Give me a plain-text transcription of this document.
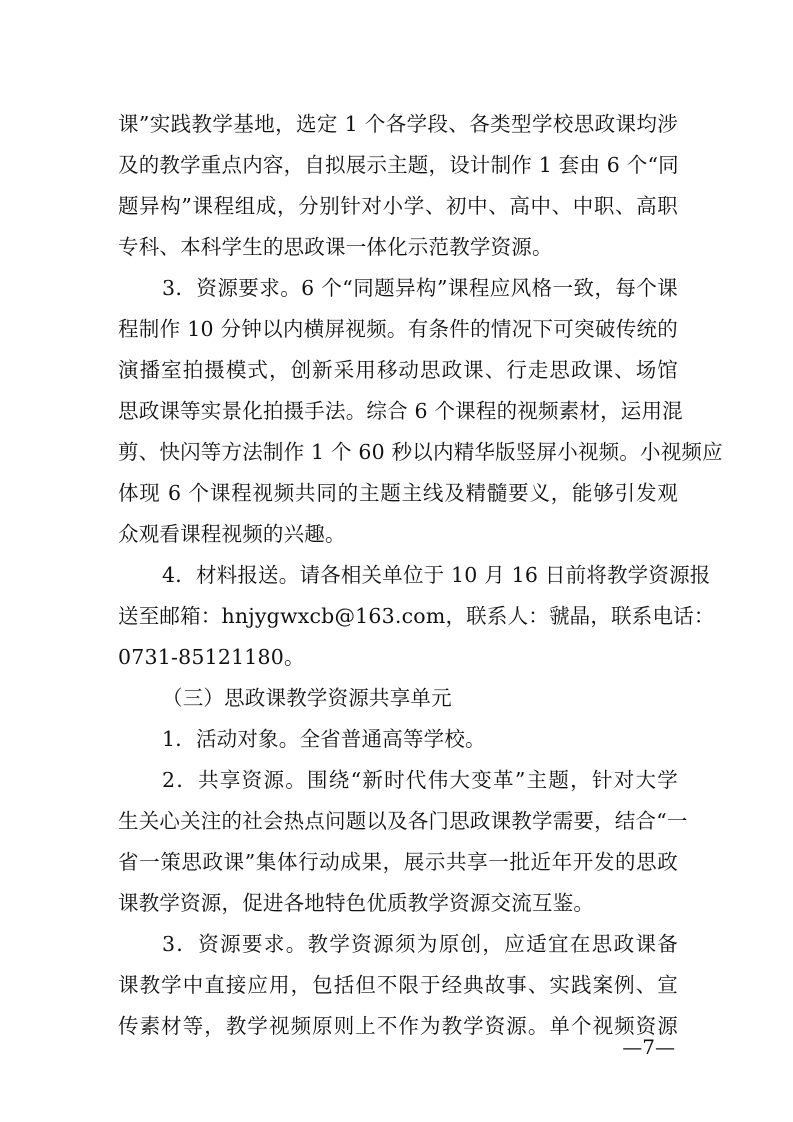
课”实践教学基地，选定 1 个各学段、各类型学校思政课均涉
及的教学重点内容，自拟展示主题，设计制作 1 套由 6 个“同
题异构”课程组成，分别针对小学、初中、高中、中职、高职
专科、本科学生的思政课一体化示范教学资源。
3．资源要求。6 个“同题异构”课程应风格一致，每个课
程制作 10 分钟以内横屏视频。有条件的情况下可突破传统的
演播室拍摄模式，创新采用移动思政课、行走思政课、场馆
思政课等实景化拍摄手法。综合 6 个课程的视频素材，运用混
剪、快闪等方法制作 1 个 60 秒以内精华版竖屏小视频。小视频应
体现 6 个课程视频共同的主题主线及精髓要义，能够引发观
众观看课程视频的兴趣。
4．材料报送。请各相关单位于 10 月 16 日前将教学资源报
送至邮箱：hnjygwxcb@163.com，联系人：虢晶，联系电话：
0731-85121180。
（三）思政课教学资源共享单元
1．活动对象。全省普通高等学校。
2．共享资源。围绕“新时代伟大变革”主题，针对大学
生关心关注的社会热点问题以及各门思政课教学需要，结合“一
省一策思政课”集体行动成果，展示共享一批近年开发的思政
课教学资源，促进各地特色优质教学资源交流互鉴。
3．资源要求。教学资源须为原创，应适宜在思政课备
课教学中直接应用，包括但不限于经典故事、实践案例、宣
传素材等，教学视频原则上不作为教学资源。单个视频资源
—7—
